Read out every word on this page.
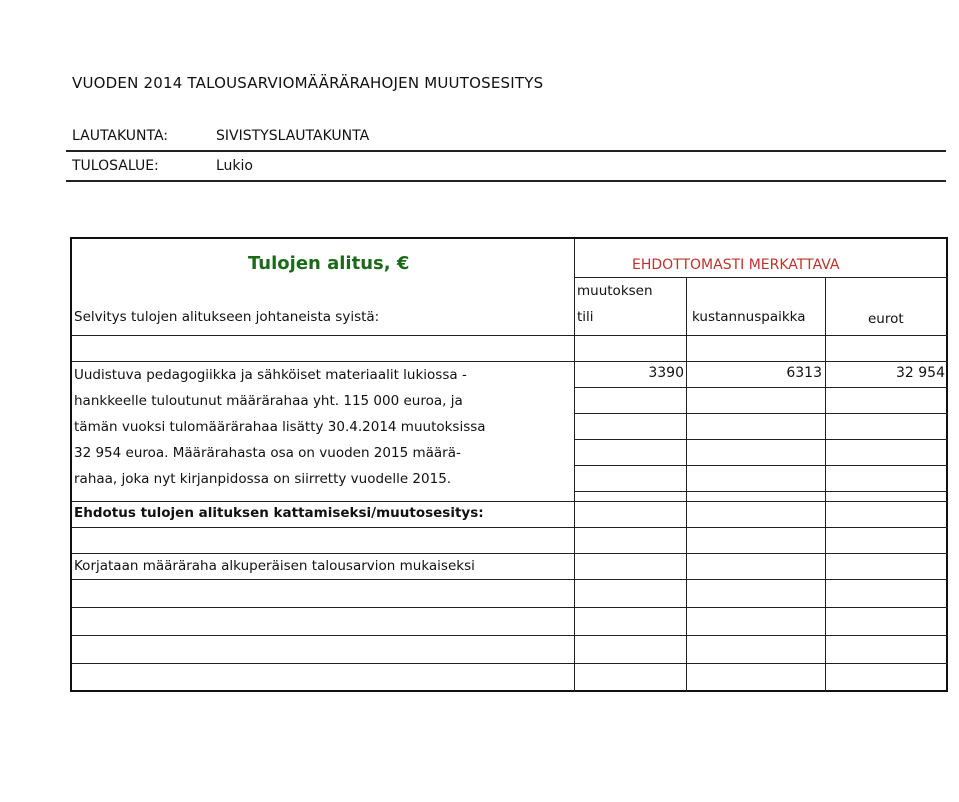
VUODEN 2014 TALOUSARVIOMÄÄRÄRAHOJEN MUUTOSESITYS
LAUTAKUNTA:	SIVISTYSLAUTAKUNTA
TULOSALUE:	Lukio
Tulojen alitus, €	EHDOTTOMASTI MERKATTAVA
Selvitys tulojen alitukseen johtaneista syistä:
muutoksen
tili	kustannuspaikka	eurot
Uudistuva pedagogiikka ja sähköiset materiaalit lukiossa -
hankkeelle tuloutunut määrärahaa yht. 115 000 euroa, ja
tämän vuoksi tulomäärärahaa lisätty 30.4.2014 muutoksissa
32 954 euroa. Määrärahasta osa on vuoden 2015 määrä-
rahaa, joka nyt kirjanpidossa on siirretty vuodelle 2015.
3390	6313	32 954
Ehdotus tulojen alituksen kattamiseksi/muutosesitys:
Korjataan määräraha alkuperäisen talousarvion mukaiseksi
